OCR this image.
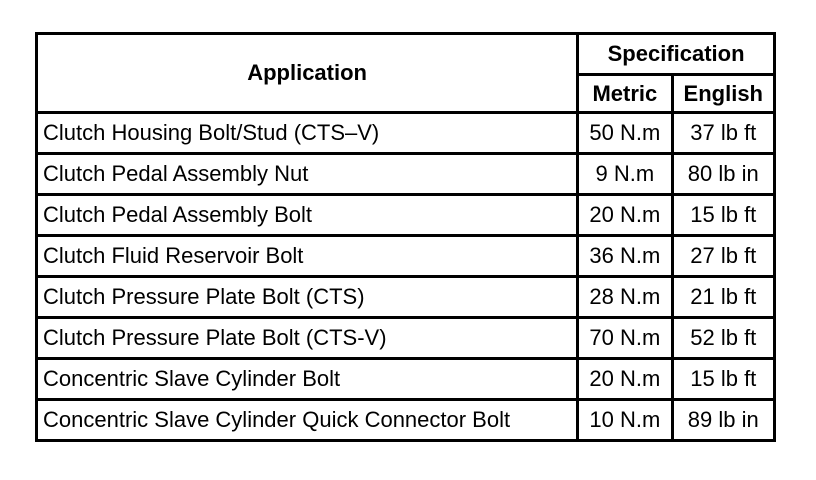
Application	Specification	
	Metric	English
Clutch Housing Bolt/Stud (CTS–V)	50 N.m	37 lb ft
Clutch Pedal Assembly Nut	9 N.m	80 lb in
Clutch Pedal Assembly Bolt	20 N.m	15 lb ft
Clutch Fluid Reservoir Bolt	36 N.m	27 lb ft
Clutch Pressure Plate Bolt (CTS)	28 N.m	21 lb ft
Clutch Pressure Plate Bolt (CTS-V)	70 N.m	52 lb ft
Concentric Slave Cylinder Bolt	20 N.m	15 lb ft
Concentric Slave Cylinder Quick Connector Bolt	10 N.m	89 lb in
